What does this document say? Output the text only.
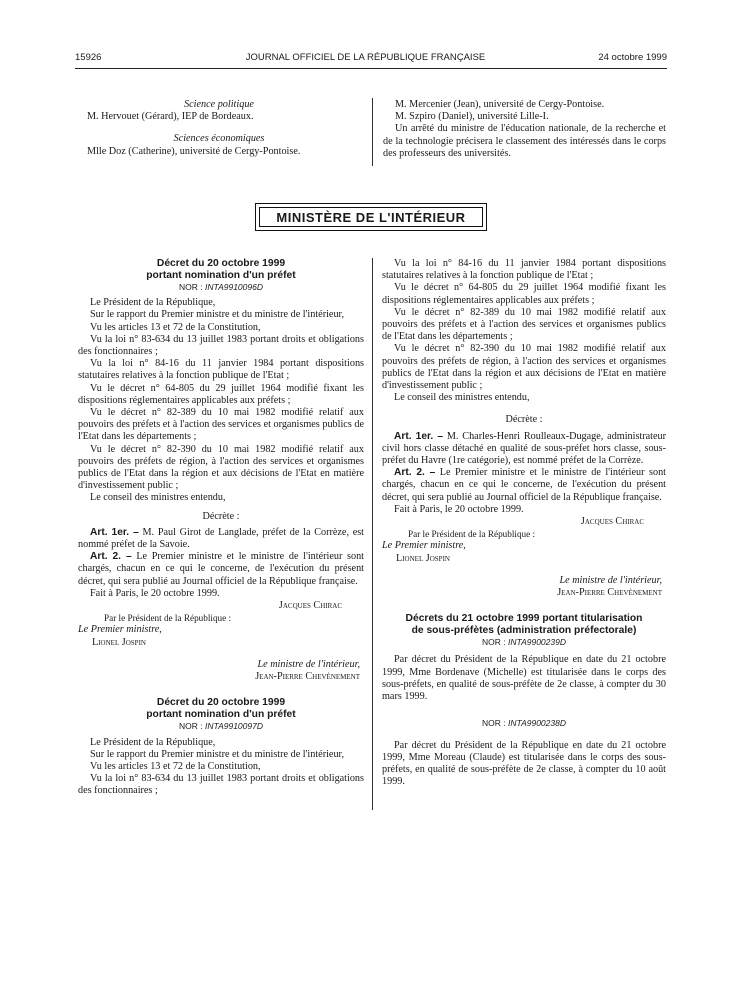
15926	JOURNAL OFFICIEL DE LA RÉPUBLIQUE FRANÇAISE	24 octobre 1999

Science politique

M. Hervouet (Gérard), IEP de Bordeaux.

Sciences économiques

Mlle Doz (Catherine), université de Cergy-Pontoise.

M. Mercenier (Jean), université de Cergy-Pontoise.

M. Szpiro (Daniel), université Lille-I.

Un arrêté du ministre de l'éducation nationale, de la recherche et de la technologie précisera le classement des intéressés dans le corps des professeurs des universités.

MINISTÈRE DE L'INTÉRIEUR

Décret du 20 octobre 1999

portant nomination d'un préfet

NOR : INTA9910096D

Le Président de la République,

Sur le rapport du Premier ministre et du ministre de l'intérieur,

Vu les articles 13 et 72 de la Constitution,

Vu la loi n° 83-634 du 13 juillet 1983 portant droits et obligations des fonctionnaires ;

Vu la loi n° 84-16 du 11 janvier 1984 portant dispositions statutaires relatives à la fonction publique de l'Etat ;

Vu le décret n° 64-805 du 29 juillet 1964 modifié fixant les dispositions réglementaires applicables aux préfets ;

Vu le décret n° 82-389 du 10 mai 1982 modifié relatif aux pouvoirs des préfets et à l'action des services et organismes publics de l'Etat dans les départements ;

Vu le décret n° 82-390 du 10 mai 1982 modifié relatif aux pouvoirs des préfets de région, à l'action des services et organismes publics de l'Etat dans la région et aux décisions de l'Etat en matière d'investissement public ;

Le conseil des ministres entendu,

Décrète :

Art. 1er. – M. Paul Girot de Langlade, préfet de la Corrèze, est nommé préfet de la Savoie.

Art. 2. – Le Premier ministre et le ministre de l'intérieur sont chargés, chacun en ce qui le concerne, de l'exécution du présent décret, qui sera publié au Journal officiel de la République française.

Fait à Paris, le 20 octobre 1999.

Jacques Chirac

Par le Président de la République :

Le Premier ministre,

Lionel Jospin

Le ministre de l'intérieur,

Jean-Pierre Chevènement

Décret du 20 octobre 1999

portant nomination d'un préfet

NOR : INTA9910097D

Le Président de la République,

Sur le rapport du Premier ministre et du ministre de l'intérieur,

Vu les articles 13 et 72 de la Constitution,

Vu la loi n° 83-634 du 13 juillet 1983 portant droits et obligations des fonctionnaires ;

Vu la loi n° 84-16 du 11 janvier 1984 portant dispositions statutaires relatives à la fonction publique de l'Etat ;

Vu le décret n° 64-805 du 29 juillet 1964 modifié fixant les dispositions réglementaires applicables aux préfets ;

Vu le décret n° 82-389 du 10 mai 1982 modifié relatif aux pouvoirs des préfets et à l'action des services et organismes publics de l'Etat dans les départements ;

Vu le décret n° 82-390 du 10 mai 1982 modifié relatif aux pouvoirs des préfets de région, à l'action des services et organismes publics de l'Etat dans la région et aux décisions de l'Etat en matière d'investissement public ;

Le conseil des ministres entendu,

Décrète :

Art. 1er. – M. Charles-Henri Roulleaux-Dugage, administrateur civil hors classe détaché en qualité de sous-préfet hors classe, sous-préfet du Havre (1re catégorie), est nommé préfet de la Corrèze.

Art. 2. – Le Premier ministre et le ministre de l'intérieur sont chargés, chacun en ce qui le concerne, de l'exécution du présent décret, qui sera publié au Journal officiel de la République française.

Fait à Paris, le 20 octobre 1999.

Jacques Chirac

Par le Président de la République :

Le Premier ministre,

Lionel Jospin

Le ministre de l'intérieur,

Jean-Pierre Chevènement

Décrets du 21 octobre 1999 portant titularisation

de sous-préfètes (administration préfectorale)

NOR : INTA9900239D

Par décret du Président de la République en date du 21 octobre 1999, Mme Bordenave (Michelle) est titularisée dans le corps des sous-préfets, en qualité de sous-préfète de 2e classe, à compter du 30 mars 1999.

NOR : INTA9900238D

Par décret du Président de la République en date du 21 octobre 1999, Mme Moreau (Claude) est titularisée dans le corps des sous-préfets, en qualité de sous-préfète de 2e classe, à compter du 10 août 1999.
